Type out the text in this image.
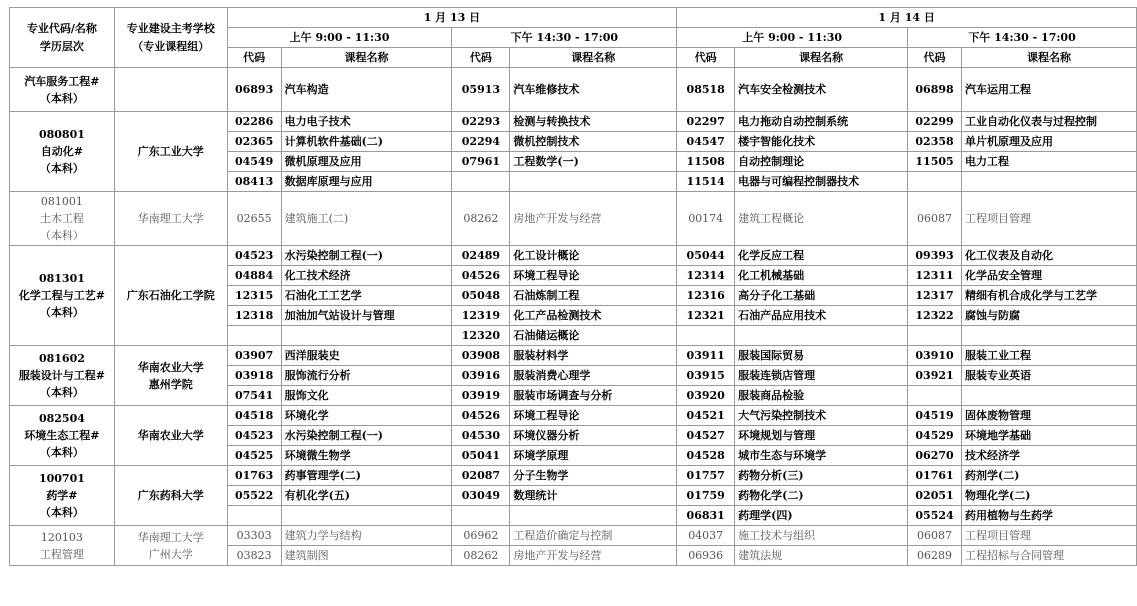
专业代码/名称
学历层次	专业建设主考学校
（专业课程组）	1 月 13 日				1 月 14 日			
		上午 9:00 - 11:30		下午 14:30 - 17:00		上午 9:00 - 11:30		下午 14:30 - 17:00	
		代码	课程名称	代码	课程名称	代码	课程名称	代码	课程名称

汽车服务工程#
（本科）		06893	汽车构造	05913	汽车维修技术	08518	汽车安全检测技术	06898	汽车运用工程

080801
自动化#
（本科）	广东工业大学	02286	电力电子技术	02293	检测与转换技术	02297	电力拖动自动控制系统	02299	工业自动化仪表与过程控制
		02365	计算机软件基础(二)	02294	微机控制技术	04547	楼宇智能化技术	02358	单片机原理及应用
		04549	微机原理及应用	07961	工程数学(一)	11508	自动控制理论	11505	电力工程
		08413	数据库原理与应用			11514	电器与可编程控制器技术		

081001
土木工程
（本科）	华南理工大学	02655	建筑施工(二)	08262	房地产开发与经营	00174	建筑工程概论	06087	工程项目管理

081301
化学工程与工艺#
（本科）	广东石油化工学院	04523	水污染控制工程(一)	02489	化工设计概论	05044	化学反应工程	09393	化工仪表及自动化
		04884	化工技术经济	04526	环境工程导论	12314	化工机械基础	12311	化学品安全管理
		12315	石油化工工艺学	05048	石油炼制工程	12316	高分子化工基础	12317	精细有机合成化学与工艺学
		12318	加油加气站设计与管理	12319	化工产品检测技术	12321	石油产品应用技术	12322	腐蚀与防腐
				12320	石油储运概论				

081602
服装设计与工程#
（本科）	华南农业大学
惠州学院	03907	西洋服装史	03908	服装材料学	03911	服装国际贸易	03910	服装工业工程
		03918	服饰流行分析	03916	服装消费心理学	03915	服装连锁店管理	03921	服装专业英语
		07541	服饰文化	03919	服装市场调查与分析	03920	服装商品检验		

082504
环境生态工程#
（本科）	华南农业大学	04518	环境化学	04526	环境工程导论	04521	大气污染控制技术	04519	固体废物管理
		04523	水污染控制工程(一)	04530	环境仪器分析	04527	环境规划与管理	04529	环境地学基础
		04525	环境微生物学	05041	环境学原理	04528	城市生态与环境学	06270	技术经济学

100701
药学#
（本科）	广东药科大学	01763	药事管理学(二)	02087	分子生物学	01757	药物分析(三)	01761	药剂学(二)
		05522	有机化学(五)	03049	数理统计	01759	药物化学(二)	02051	物理化学(二)
						06831	药理学(四)	05524	药用植物与生药学

120103
工程管理	华南理工大学
广州大学	03303	建筑力学与结构	06962	工程造价确定与控制	04037	施工技术与组织	06087	工程项目管理
		03823	建筑制图	08262	房地产开发与经营	06936	建筑法规	06289	工程招标与合同管理
